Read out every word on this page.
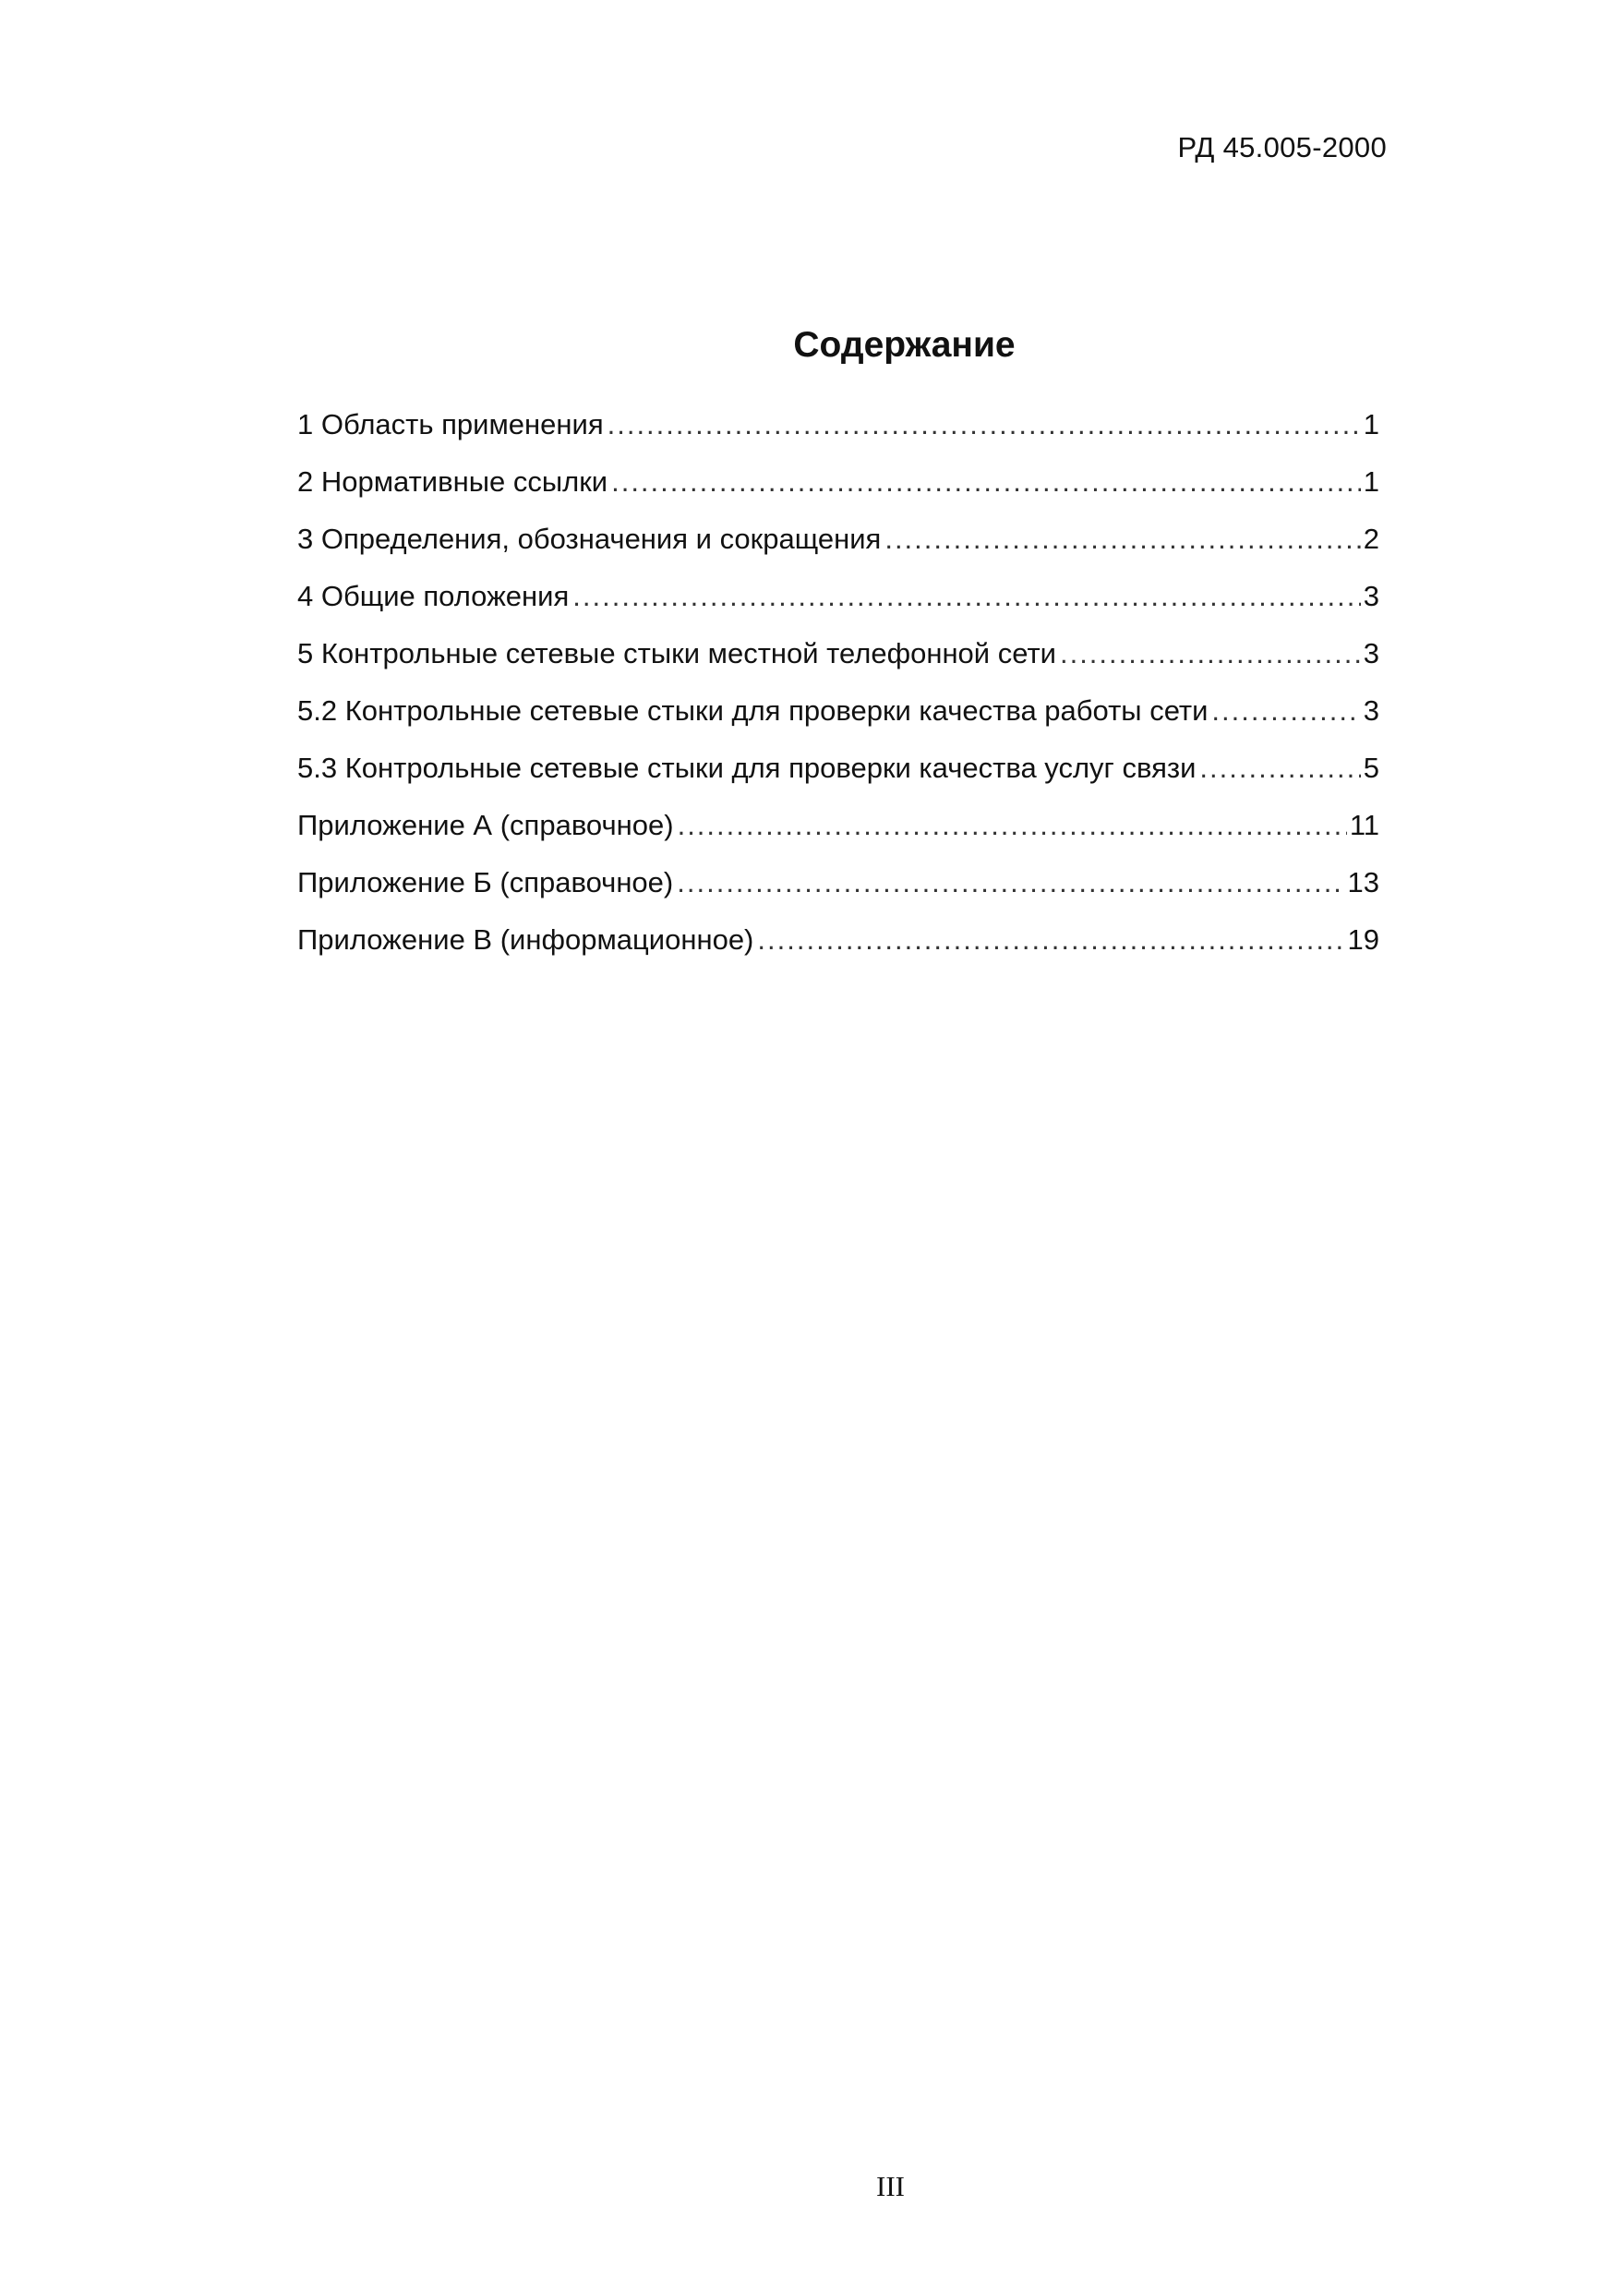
РД 45.005-2000
Содержание
1 Область применения .....	1
2 Нормативные ссылки .....	1
3 Определения, обозначения и сокращения .....	2
4 Общие положения .....	3
5 Контрольные сетевые стыки местной телефонной сети .....	3
5.2 Контрольные сетевые стыки для проверки качества работы сети .....	3
5.3 Контрольные сетевые стыки для проверки качества услуг связи .....	5
Приложение А (справочное) .....	11
Приложение Б (справочное) .....	13
Приложение В (информационное) .....	19
III
